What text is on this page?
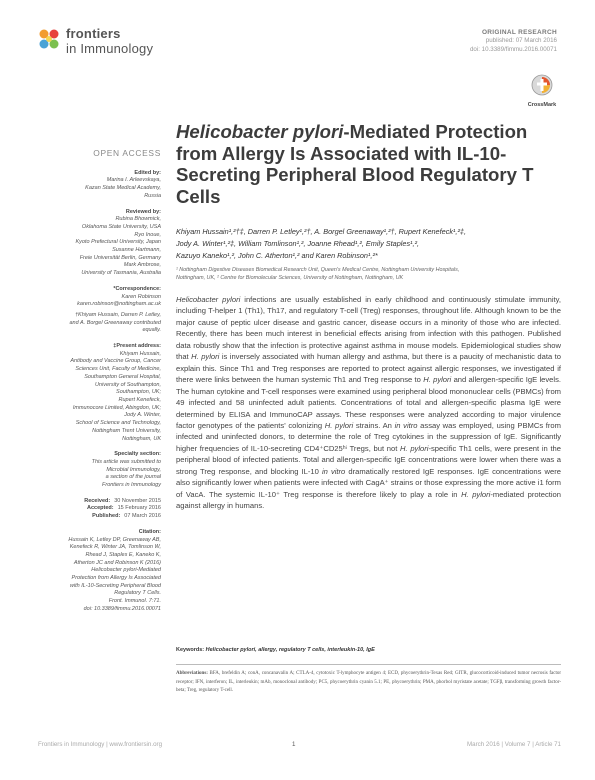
frontiers
in Immunology
ORIGINAL RESEARCH
published: 07 March 2016
doi: 10.3389/fimmu.2016.00071
CrossMark
Helicobacter pylori-Mediated Protection from Allergy Is Associated with IL-10-Secreting Peripheral Blood Regulatory T Cells
OPEN ACCESS
Edited by:
Marina I. Arleevskaya,
Kazan State Medical Academy,
Russia
Reviewed by:
Rubina Bhowmick,
Oklahoma State University, USA
Ryo Inoue,
Kyoto Prefectural University, Japan
Susanne Hartmann,
Freie Universität Berlin, Germany
Mark Ambrose,
University of Tasmania, Australia
*Correspondence:
Karen Robinson
karen.robinson@nottingham.ac.uk
†Khiyam Hussain, Darren P. Letley,
and A. Borgel Greenaway contributed
equally.
‡Present address:
Khiyam Hussain,
Antibody and Vaccine Group, Cancer
Sciences Unit, Faculty of Medicine,
Southampton General Hospital,
University of Southampton,
Southampton, UK;
Rupert Kenefeck,
Immunocore Limited, Abingdon, UK;
Jody A. Winter,
School of Science and Technology,
Nottingham Trent University,
Nottingham, UK
Specialty section:
This article was submitted to
Microbial Immunology,
a section of the journal
Frontiers in Immunology
Received: 30 November 2015
Accepted: 15 February 2016
Published: 07 March 2016
Citation:
Hussain K, Letley DP, Greenaway AB,
Kenefeck R, Winter JA, Tomlinson W,
Rhead J, Staples E, Kaneko K,
Atherton JC and Robinson K (2016)
Helicobacter pylori-Mediated
Protection from Allergy Is Associated
with IL-10-Secreting Peripheral Blood
Regulatory T Cells.
Front. Immunol. 7:71.
doi: 10.3389/fimmu.2016.00071
Khiyam Hussain¹,²†‡, Darren P. Letley¹,²†, A. Borgel Greenaway¹,²†, Rupert Kenefeck¹,²‡,
Jody A. Winter¹,²‡, William Tomlinson¹,², Joanne Rhead¹,², Emily Staples¹,²,
Kazuyo Kaneko¹,², John C. Atherton¹,² and Karen Robinson¹,²*
¹ Nottingham Digestive Diseases Biomedical Research Unit, Queen's Medical Centre, Nottingham University Hospitals,
Nottingham, UK, ² Centre for Biomolecular Sciences, University of Nottingham, Nottingham, UK
Helicobacter pylori infections are usually established in early childhood and continuously stimulate immunity, including T-helper 1 (Th1), Th17, and regulatory T-cell (Treg) responses, throughout life. Although known to be the major cause of peptic ulcer disease and gastric cancer, disease occurs in a minority of those who are infected. Recently, there has been much interest in beneficial effects arising from infection with this pathogen. Published data robustly show that the infection is protective against asthma in mouse models. Epidemiological studies show that H. pylori is inversely associated with human allergy and asthma, but there is a paucity of mechanistic data to explain this. Since Th1 and Treg responses are reported to protect against allergic responses, we investigated if there were links between the human systemic Th1 and Treg response to H. pylori and allergen-specific IgE levels. The human cytokine and T-cell responses were examined using peripheral blood mononuclear cells (PBMCs) from 49 infected and 58 uninfected adult patients. Concentrations of total and allergen-specific plasma IgE were determined by ELISA and ImmunoCAP assays. These responses were analyzed according to major virulence factor genotypes of the patients' colonizing H. pylori strains. An in vitro assay was employed, using PBMCs from infected and uninfected donors, to determine the role of Treg cytokines in the suppression of IgE. Significantly higher frequencies of IL-10-secreting CD4⁺CD25ʰⁱ Tregs, but not H. pylori-specific Th1 cells, were present in the peripheral blood of infected patients. Total and allergen-specific IgE concentrations were lower when there was a strong Treg response, and blocking IL-10 in vitro dramatically restored IgE responses. IgE concentrations were also significantly lower when patients were infected with CagA⁺ strains or those expressing the more active i1 form of VacA. The systemic IL-10⁺ Treg response is therefore likely to play a role in H. pylori-mediated protection against allergy in humans.
Keywords: Helicobacter pylori, allergy, regulatory T cells, interleukin-10, IgE
Abbreviations: BFA, brefeldin A; conA, concanavalin A; CTLA-4, cytotoxic T-lymphocyte antigen 4; ECD, phycoerythrin-Texas Red; GITR, glucocorticoid-induced tumor necrosis factor receptor; IFN, interferon; IL, interleukin; mAb, monoclonal antibody; PC5, phycoerythrin cyanin 5.1; PE, phycoerythrin; PMA, phorbol myristate acetate; TGFβ, transforming growth factor-beta; Treg, regulatory T-cell.
Frontiers in Immunology | www.frontiersin.org	1	March 2016 | Volume 7 | Article 71
